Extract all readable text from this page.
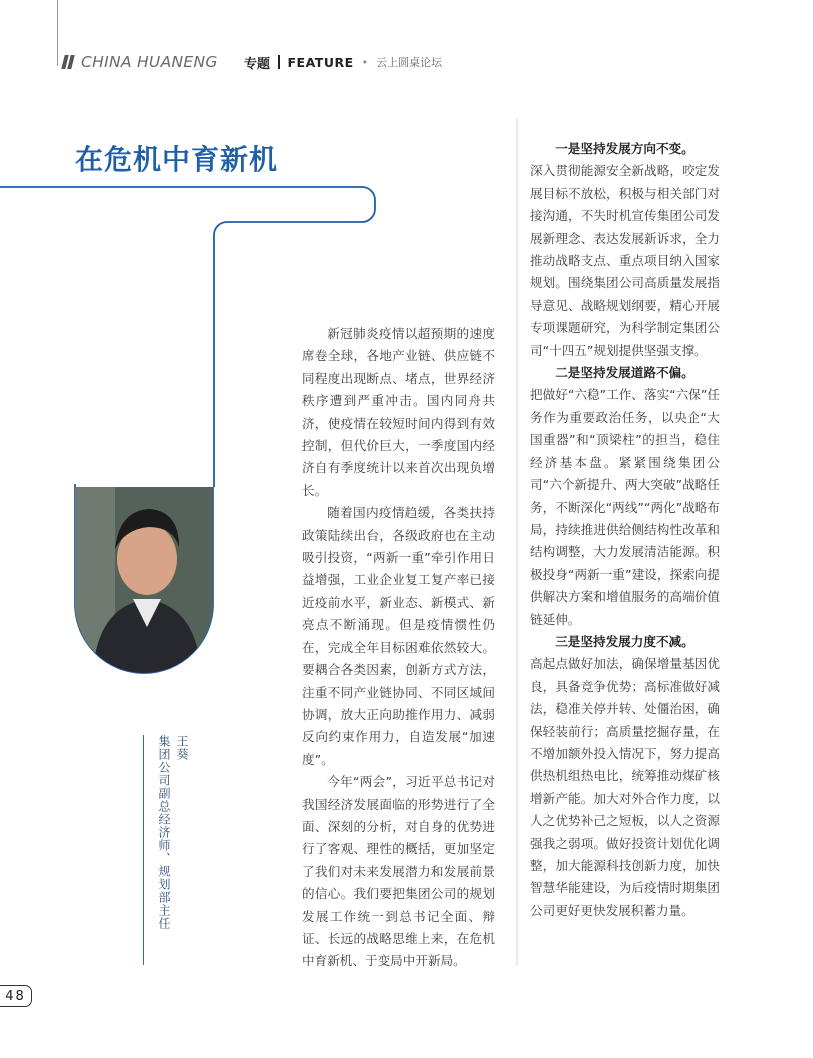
CHINA HUANENG 专题 FEATURE • 云上圆桌论坛
在危机中育新机
王葵
集团公司副总经济师、规划部主任

新冠肺炎疫情以超预期的速度席卷全球，各地产业链、供应链不同程度出现断点、堵点，世界经济秩序遭到严重冲击。国内同舟共济，使疫情在较短时间内得到有效控制，但代价巨大，一季度国内经济自有季度统计以来首次出现负增长。

随着国内疫情趋缓，各类扶持政策陆续出台，各级政府也在主动吸引投资，“两新一重”牵引作用日益增强，工业企业复工复产率已接近疫前水平，新业态、新模式、新亮点不断涌现。但是疫情惯性仍在，完成全年目标困难依然较大。要耦合各类因素，创新方式方法，注重不同产业链协同、不同区域间协调，放大正向助推作用力、减弱反向约束作用力，自造发展“加速度”。

今年“两会”，习近平总书记对我国经济发展面临的形势进行了全面、深刻的分析，对自身的优势进行了客观、理性的概括，更加坚定了我们对未来发展潜力和发展前景的信心。我们要把集团公司的规划发展工作统一到总书记全面、辩证、长远的战略思维上来，在危机中育新机、于变局中开新局。

一是坚持发展方向不变。

深入贯彻能源安全新战略，咬定发展目标不放松，积极与相关部门对接沟通，不失时机宣传集团公司发展新理念、表达发展新诉求，全力推动战略支点、重点项目纳入国家规划。围绕集团公司高质量发展指导意见、战略规划纲要，精心开展专项课题研究，为科学制定集团公司“十四五”规划提供坚强支撑。

二是坚持发展道路不偏。

把做好“六稳”工作、落实“六保”任务作为重要政治任务，以央企“大国重器”和“顶梁柱”的担当，稳住经济基本盘。紧紧围绕集团公司“六个新提升、两大突破”战略任务，不断深化“两线”“两化”战略布局，持续推进供给侧结构性改革和结构调整，大力发展清洁能源。积极投身“两新一重”建设，探索向提供解决方案和增值服务的高端价值链延伸。

三是坚持发展力度不减。

高起点做好加法，确保增量基因优良，具备竞争优势；高标准做好减法，稳准关停并转、处僵治困，确保轻装前行；高质量挖掘存量，在不增加额外投入情况下，努力提高供热机组热电比，统筹推动煤矿核增新产能。加大对外合作力度，以人之优势补己之短板，以人之资源强我之弱项。做好投资计划优化调整，加大能源科技创新力度，加快智慧华能建设，为后疫情时期集团公司更好更快发展积蓄力量。

48
